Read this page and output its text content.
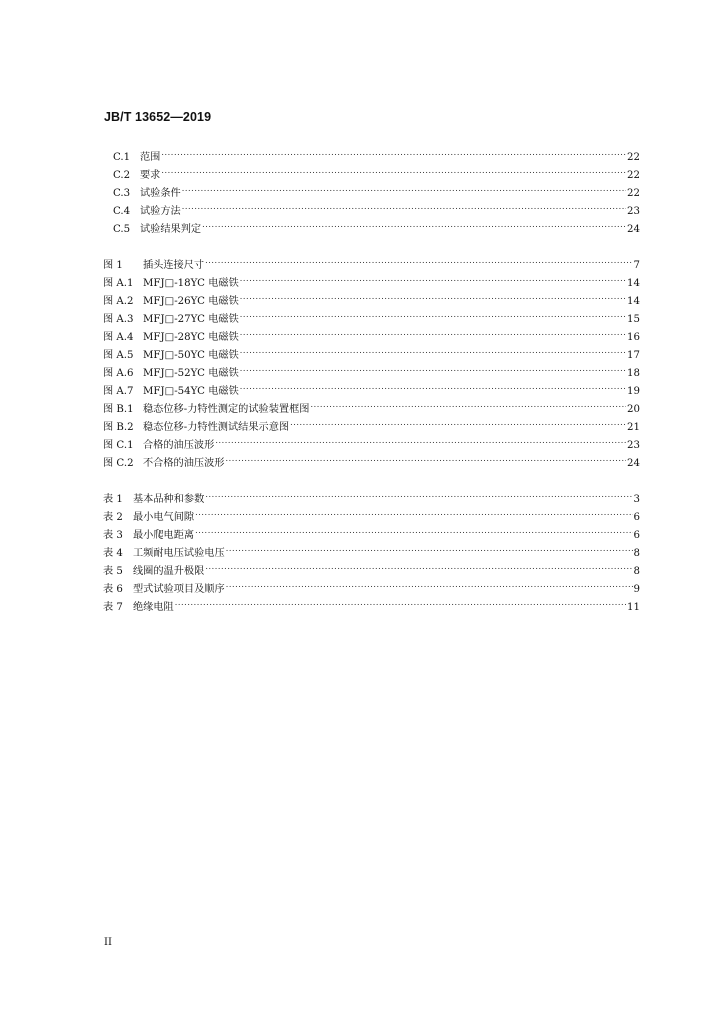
JB/T 13652—2019
C.1 范围 .....	22
C.2 要求 .....	22
C.3 试验条件 .....	22
C.4 试验方法 .....	23
C.5 试验结果判定 .....	24
图 1	插头连接尺寸 .....	7
图 A.1 MFJ□-18YC 电磁铁 .....	14
图 A.2 MFJ□-26YC 电磁铁 .....	14
图 A.3 MFJ□-27YC 电磁铁 .....	15
图 A.4 MFJ□-28YC 电磁铁 .....	16
图 A.5 MFJ□-50YC 电磁铁 .....	17
图 A.6 MFJ□-52YC 电磁铁 .....	18
图 A.7 MFJ□-54YC 电磁铁 .....	19
图 B.1 稳态位移-力特性测定的试验装置框图 .....	20
图 B.2 稳态位移-力特性测试结果示意图 .....	21
图 C.1 合格的油压波形 .....	23
图 C.2 不合格的油压波形 .....	24
表 1 基本品种和参数 .....	3
表 2 最小电气间隙 .....	6
表 3 最小爬电距离 .....	6
表 4 工频耐电压试验电压 .....	8
表 5 线圈的温升极限 .....	8
表 6 型式试验项目及顺序 .....	9
表 7 绝缘电阻 .....	11
II
